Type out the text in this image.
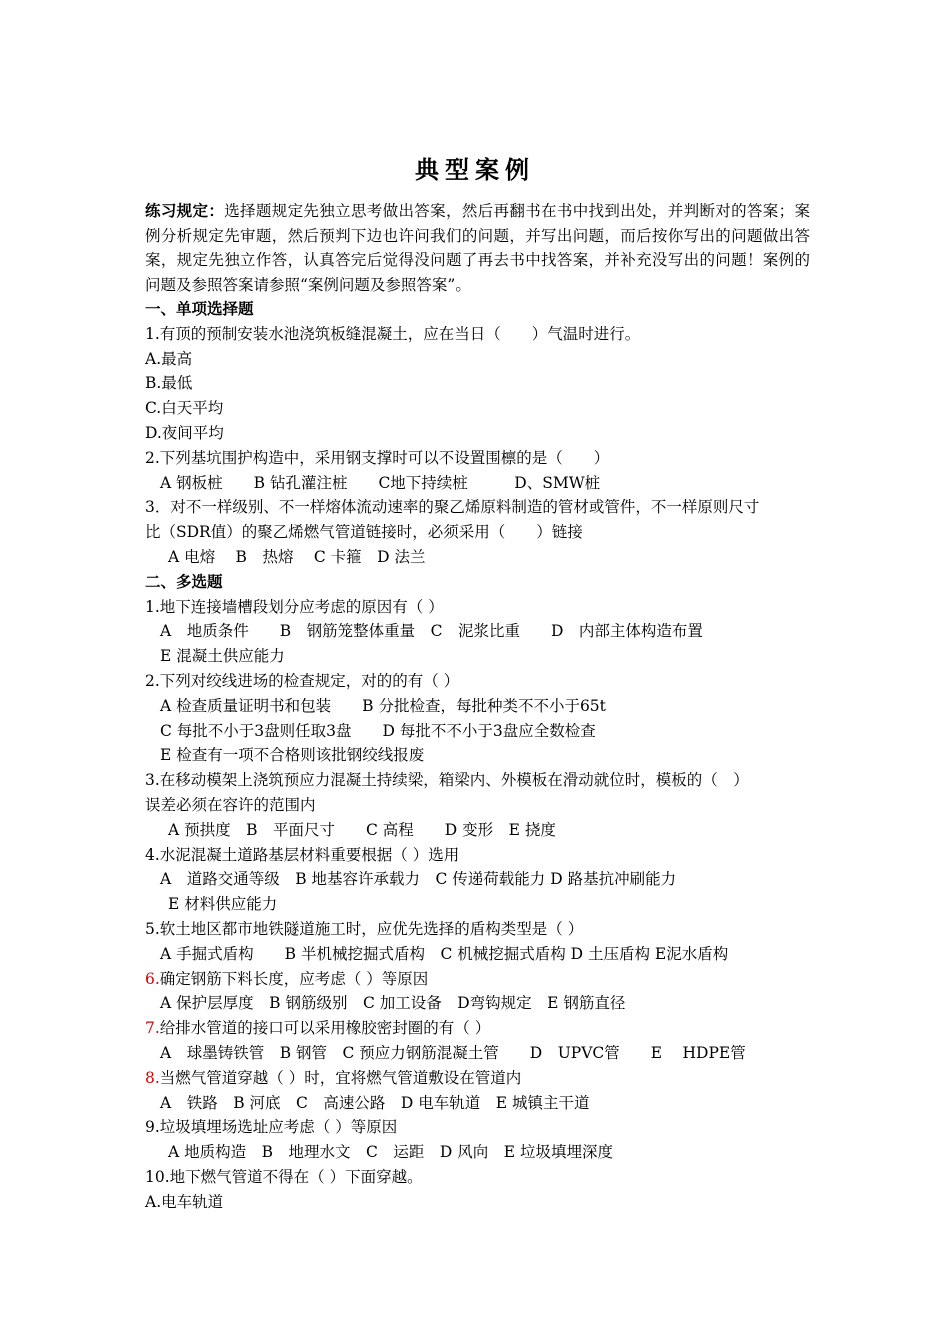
典型案例
练习规定：选择题规定先独立思考做出答案，然后再翻书在书中找到出处，并判断对的答案；案例分析规定先审题，然后预判下边也许问我们的问题，并写出问题，而后按你写出的问题做出答案，规定先独立作答，认真答完后觉得没问题了再去书中找答案，并补充没写出的问题！案例的问题及参照答案请参照“案例问题及参照答案”。
一、单项选择题
1.有顶的预制安装水池浇筑板缝混凝土，应在当日（　　）气温时进行。
A.最高
B.最低
C.白天平均
D.夜间平均
2.下列基坑围护构造中，采用钢支撑时可以不设置围檩的是（　　）
A 钢板桩　　B 钻孔灌注桩　　C地下持续桩　　　D、SMW桩
3．对不一样级别、不一样熔体流动速率的聚乙烯原料制造的管材或管件，不一样原则尺寸
比（SDR值）的聚乙烯燃气管道链接时，必须采用（　　）链接
A 电熔　 B　热熔　 C 卡箍　D 法兰
二、多选题
1.地下连接墙槽段划分应考虑的原因有（ ）
A　地质条件　　B　钢筋笼整体重量　C　泥浆比重　　D　内部主体构造布置
E 混凝土供应能力
2.下列对绞线进场的检查规定，对的的有（ ）
A 检查质量证明书和包装　　B 分批检查，每批种类不不小于65t
C 每批不小于3盘则任取3盘　　D 每批不不小于3盘应全数检查
E 检查有一项不合格则该批钢绞线报废
3.在移动模架上浇筑预应力混凝土持续梁，箱梁内、外模板在滑动就位时，模板的（　）
误差必须在容许的范围内
A 预拱度　B　平面尺寸　　C 高程　　D 变形　E 挠度
4.水泥混凝土道路基层材料重要根据（ ）选用
A　道路交通等级　B 地基容许承载力　C 传递荷载能力 D 路基抗冲刷能力
E 材料供应能力
5.软土地区都市地铁隧道施工时，应优先选择的盾构类型是（ ）
A 手掘式盾构　　B 半机械挖掘式盾构　C 机械挖掘式盾构 D 土压盾构 E泥水盾构
6.确定钢筋下料长度，应考虑（ ）等原因
A 保护层厚度　B 钢筋级别　C 加工设备　D弯钩规定　E 钢筋直径
7.给排水管道的接口可以采用橡胶密封圈的有（ ）
A　球墨铸铁管　B 钢管　C 预应力钢筋混凝土管　　D　UPVC管　　E　 HDPE管
8.当燃气管道穿越（ ）时，宜将燃气管道敷设在管道内
A　铁路　B 河底　C　高速公路　D 电车轨道　E 城镇主干道
9.垃圾填埋场选址应考虑（ ）等原因
A 地质构造　B　地理水文　C　运距　D 风向　E 垃圾填埋深度
10.地下燃气管道不得在（ ）下面穿越。
A.电车轨道
